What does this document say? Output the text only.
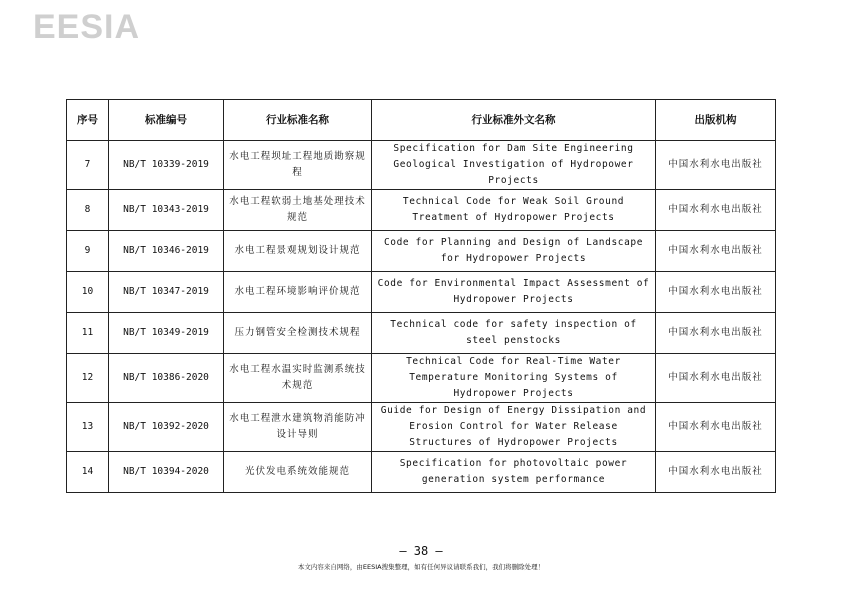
EESIA
序号	标准编号	行业标准名称	行业标准外文名称	出版机构
7	NB/T 10339-2019	水电工程坝址工程地质勘察规程	Specification for Dam Site Engineering Geological Investigation of Hydropower Projects	中国水利水电出版社
8	NB/T 10343-2019	水电工程软弱土地基处理技术规范	Technical Code for Weak Soil Ground Treatment of Hydropower Projects	中国水利水电出版社
9	NB/T 10346-2019	水电工程景观规划设计规范	Code for Planning and Design of Landscape for Hydropower Projects	中国水利水电出版社
10	NB/T 10347-2019	水电工程环境影响评价规范	Code for Environmental Impact Assessment of Hydropower Projects	中国水利水电出版社
11	NB/T 10349-2019	压力钢管安全检测技术规程	Technical code for safety inspection of steel penstocks	中国水利水电出版社
12	NB/T 10386-2020	水电工程水温实时监测系统技术规范	Technical Code for Real-Time Water Temperature Monitoring Systems of Hydropower Projects	中国水利水电出版社
13	NB/T 10392-2020	水电工程泄水建筑物消能防冲设计导则	Guide for Design of Energy Dissipation and Erosion Control for Water Release Structures of Hydropower Projects	中国水利水电出版社
14	NB/T 10394-2020	光伏发电系统效能规范	Specification for photovoltaic power generation system performance	中国水利水电出版社
— 38 —
本文内容来自网络，由EESIA搜集整理，如有任何异议请联系我们，我们将删除处理！
